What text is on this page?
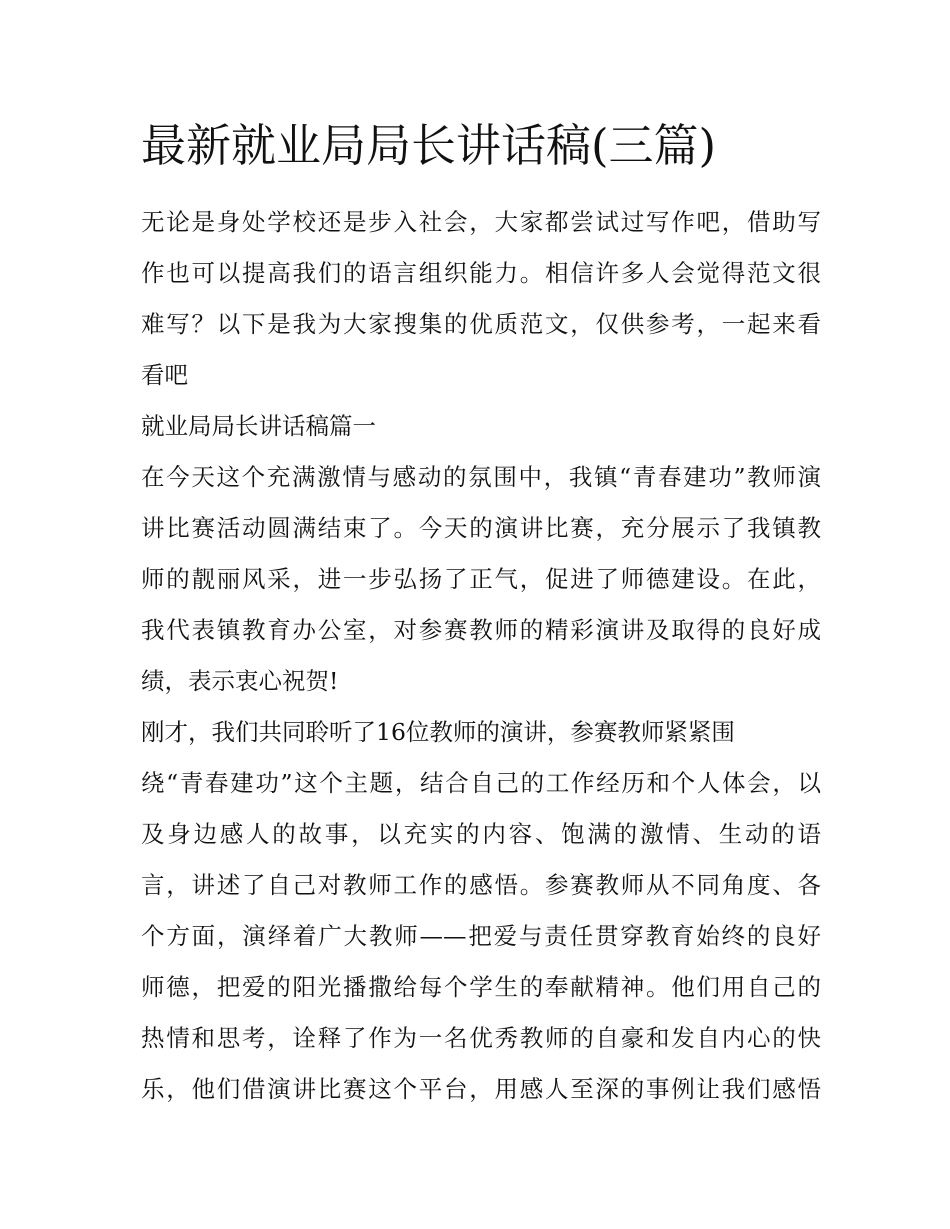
最新就业局局长讲话稿(三篇)

无论是身处学校还是步入社会，大家都尝试过写作吧，借助写

作也可以提高我们的语言组织能力。相信许多人会觉得范文很

难写？以下是我为大家搜集的优质范文，仅供参考，一起来看

看吧

就业局局长讲话稿篇一

在今天这个充满激情与感动的氛围中，我镇“青春建功”教师演

讲比赛活动圆满结束了。今天的演讲比赛，充分展示了我镇教

师的靓丽风采，进一步弘扬了正气，促进了师德建设。在此，

我代表镇教育办公室，对参赛教师的精彩演讲及取得的良好成

绩，表示衷心祝贺!

刚才，我们共同聆听了16位教师的演讲，参赛教师紧紧围

绕“青春建功”这个主题，结合自己的工作经历和个人体会，以

及身边感人的故事，以充实的内容、饱满的激情、生动的语

言，讲述了自己对教师工作的感悟。参赛教师从不同角度、各

个方面，演绎着广大教师——把爱与责任贯穿教育始终的良好

师德，把爱的阳光播撒给每个学生的奉献精神。他们用自己的

热情和思考，诠释了作为一名优秀教师的自豪和发自内心的快

乐，他们借演讲比赛这个平台，用感人至深的事例让我们感悟
